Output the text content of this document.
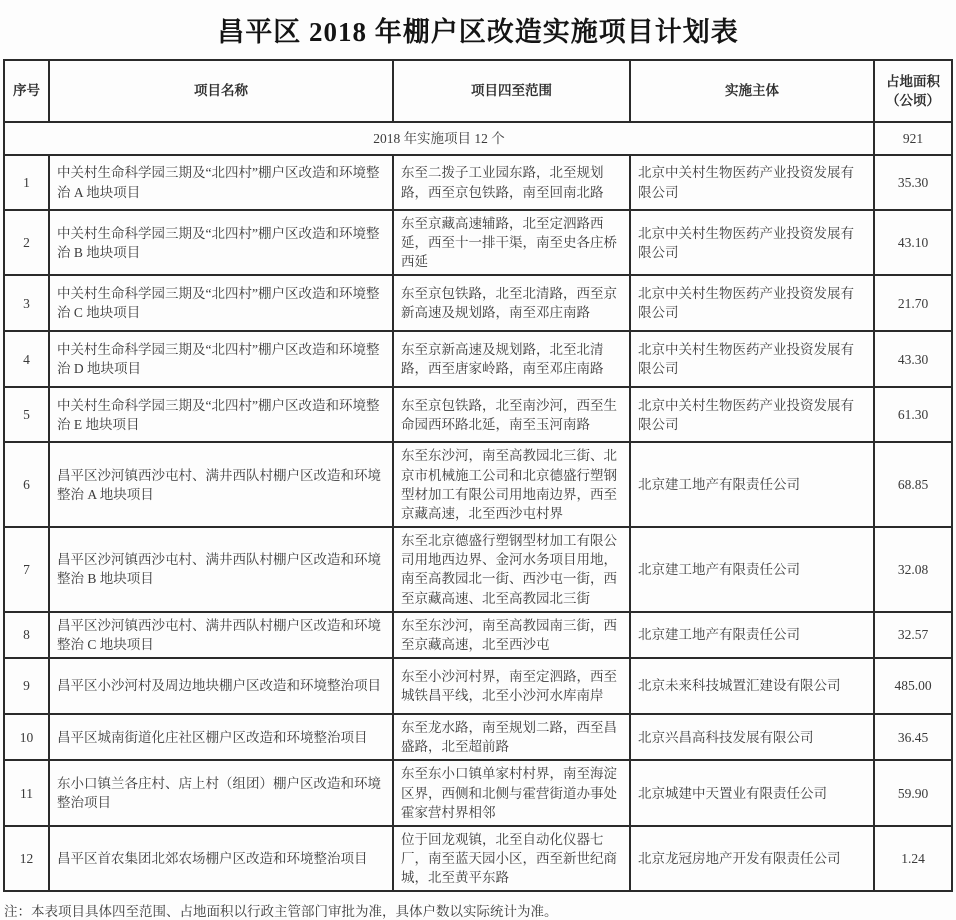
昌平区 2018 年棚户区改造实施项目计划表
序号	项目名称	项目四至范围	实施主体	占地面积
（公顷）

2018 年实施项目 12 个				921
1	中关村生命科学园三期及“北四村”棚户区改造和环境整治 A 地块项目	东至二拨子工业园东路，北至规划路，西至京包铁路，南至回南北路	北京中关村生物医药产业投资发展有限公司	35.30
2	中关村生命科学园三期及“北四村”棚户区改造和环境整治 B 地块项目	东至京藏高速辅路，北至定泗路西延，西至十一排干渠，南至史各庄桥西延	北京中关村生物医药产业投资发展有限公司	43.10
3	中关村生命科学园三期及“北四村”棚户区改造和环境整治 C 地块项目	东至京包铁路，北至北清路，西至京新高速及规划路，南至邓庄南路	北京中关村生物医药产业投资发展有限公司	21.70
4	中关村生命科学园三期及“北四村”棚户区改造和环境整治 D 地块项目	东至京新高速及规划路，北至北清路，西至唐家岭路，南至邓庄南路	北京中关村生物医药产业投资发展有限公司	43.30
5	中关村生命科学园三期及“北四村”棚户区改造和环境整治 E 地块项目	东至京包铁路，北至南沙河，西至生命园西环路北延，南至玉河南路	北京中关村生物医药产业投资发展有限公司	61.30
6	昌平区沙河镇西沙屯村、满井西队村棚户区改造和环境整治 A 地块项目	东至东沙河，南至高教园北三街、北京市机械施工公司和北京德盛行塑钢型材加工有限公司用地南边界，西至京藏高速，北至西沙屯村界	北京建工地产有限责任公司	68.85
7	昌平区沙河镇西沙屯村、满井西队村棚户区改造和环境整治 B 地块项目	东至北京德盛行塑钢型材加工有限公司用地西边界、金河水务项目用地，南至高教园北一街、西沙屯一街，西至京藏高速、北至高教园北三街	北京建工地产有限责任公司	32.08
8	昌平区沙河镇西沙屯村、满井西队村棚户区改造和环境整治 C 地块项目	东至东沙河，南至高教园南三街，西至京藏高速，北至西沙屯	北京建工地产有限责任公司	32.57
9	昌平区小沙河村及周边地块棚户区改造和环境整治项目	东至小沙河村界，南至定泗路，西至城铁昌平线，北至小沙河水库南岸	北京未来科技城置汇建设有限公司	485.00
10	昌平区城南街道化庄社区棚户区改造和环境整治项目	东至龙水路，南至规划二路，西至昌盛路，北至超前路	北京兴昌高科技发展有限公司	36.45
11	东小口镇兰各庄村、店上村（组团）棚户区改造和环境整治项目	东至东小口镇单家村村界，南至海淀区界，西侧和北侧与霍营街道办事处霍家营村界相邻	北京城建中天置业有限责任公司	59.90
12	昌平区首农集团北郊农场棚户区改造和环境整治项目	位于回龙观镇，北至自动化仪器七厂，南至蓝天园小区，西至新世纪商城，北至黄平东路	北京龙冠房地产开发有限责任公司	1.24
注：本表项目具体四至范围、占地面积以行政主管部门审批为准，具体户数以实际统计为准。
